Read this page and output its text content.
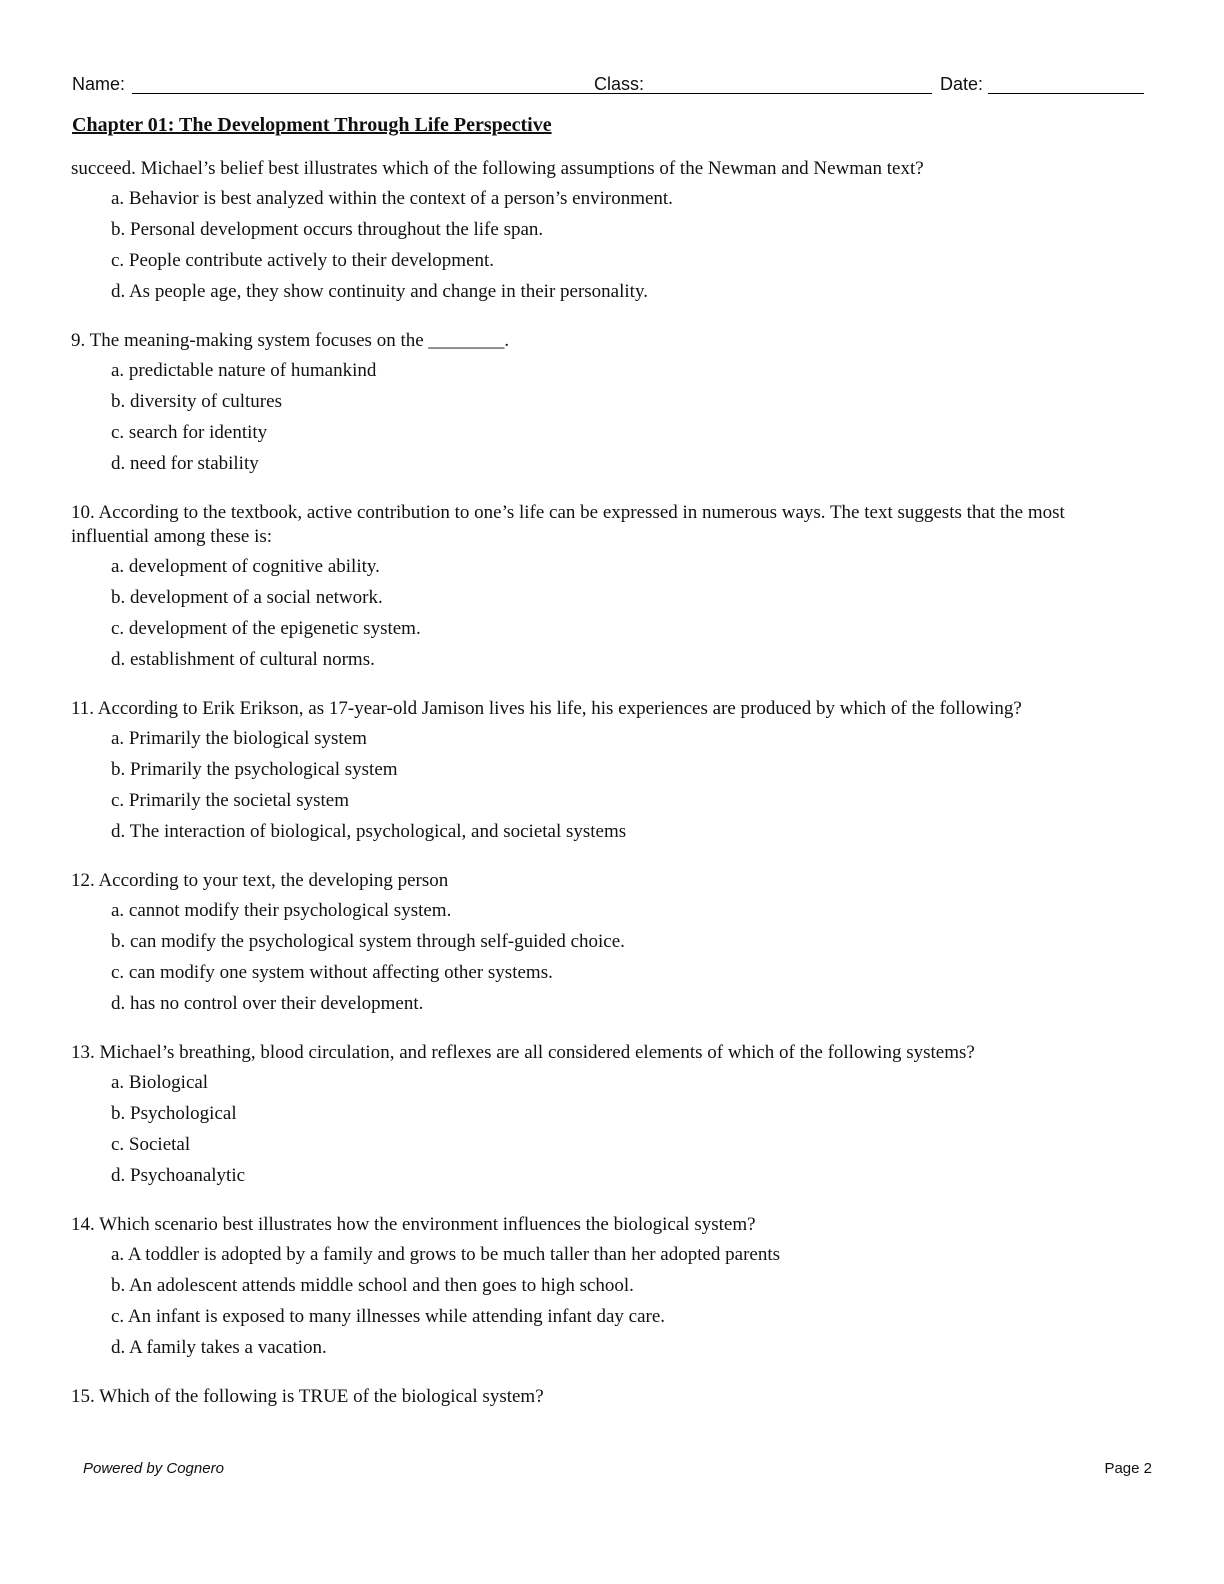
Name:	Class:	Date:
Chapter 01: The Development Through Life Perspective

succeed. Michael’s belief best illustrates which of the following assumptions of the Newman and Newman text?

a. Behavior is best analyzed within the context of a person’s environment.

b. Personal development occurs throughout the life span.

c. People contribute actively to their development.

d. As people age, they show continuity and change in their personality.

9. The meaning-making system focuses on the ________.

a. predictable nature of humankind

b. diversity of cultures

c. search for identity

d. need for stability

10. According to the textbook, active contribution to one’s life can be expressed in numerous ways. The text suggests that the most influential among these is:

a. development of cognitive ability.

b. development of a social network.

c. development of the epigenetic system.

d. establishment of cultural norms.

11. According to Erik Erikson, as 17-year-old Jamison lives his life, his experiences are produced by which of the following?

a. Primarily the biological system

b. Primarily the psychological system

c. Primarily the societal system

d. The interaction of biological, psychological, and societal systems

12. According to your text, the developing person

a. cannot modify their psychological system.

b. can modify the psychological system through self-guided choice.

c. can modify one system without affecting other systems.

d. has no control over their development.

13. Michael’s breathing, blood circulation, and reflexes are all considered elements of which of the following systems?

a. Biological

b. Psychological

c. Societal

d. Psychoanalytic

14. Which scenario best illustrates how the environment influences the biological system?

a. A toddler is adopted by a family and grows to be much taller than her adopted parents

b. An adolescent attends middle school and then goes to high school.

c. An infant is exposed to many illnesses while attending infant day care.

d. A family takes a vacation.

15. Which of the following is TRUE of the biological system?

Powered by Cognero	Page 2
